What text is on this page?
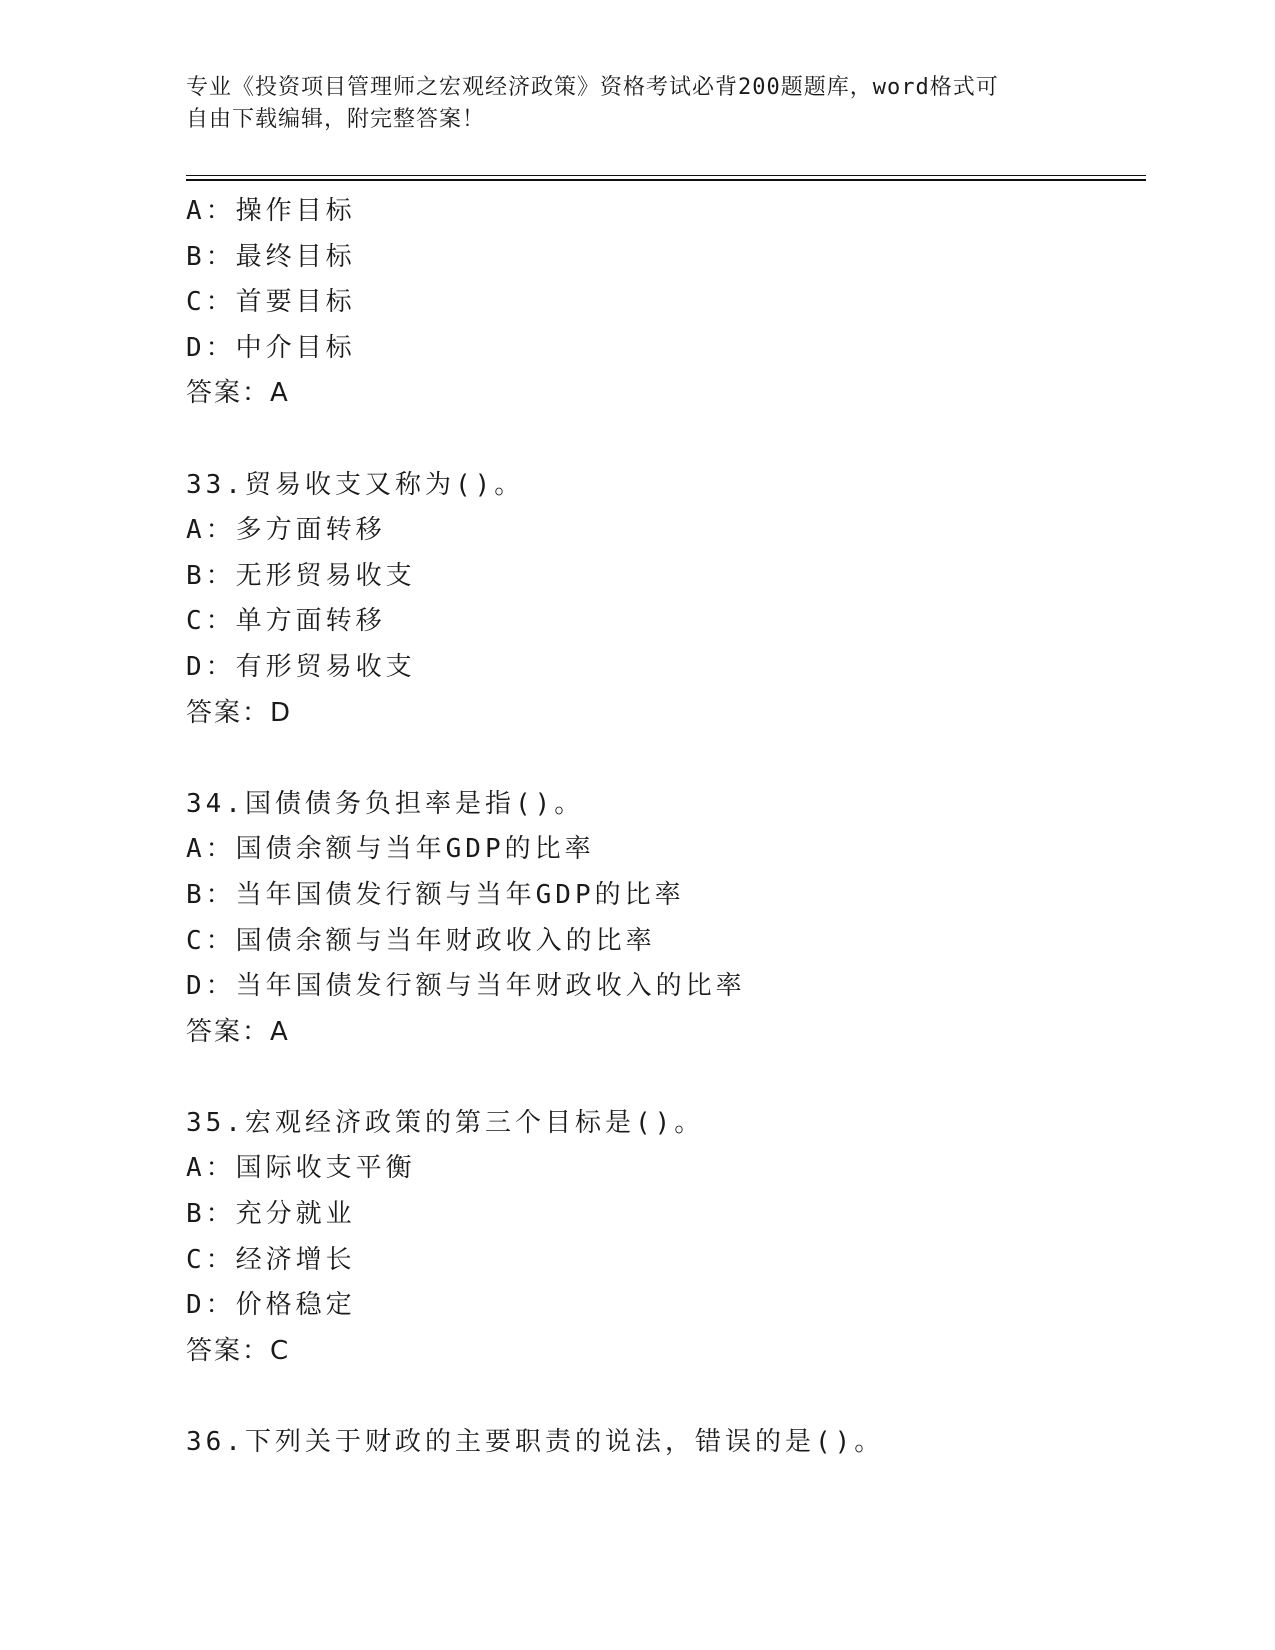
专业《投资项目管理师之宏观经济政策》资格考试必背200题题库，word格式可
自由下载编辑，附完整答案！
A：操作目标
B：最终目标
C：首要目标
D：中介目标
答案：A
33.贸易收支又称为()。
A：多方面转移
B：无形贸易收支
C：单方面转移
D：有形贸易收支
答案：D
34.国债债务负担率是指()。
A：国债余额与当年GDP的比率
B：当年国债发行额与当年GDP的比率
C：国债余额与当年财政收入的比率
D：当年国债发行额与当年财政收入的比率
答案：A
35.宏观经济政策的第三个目标是()。
A：国际收支平衡
B：充分就业
C：经济增长
D：价格稳定
答案：C
36.下列关于财政的主要职责的说法，错误的是()。
